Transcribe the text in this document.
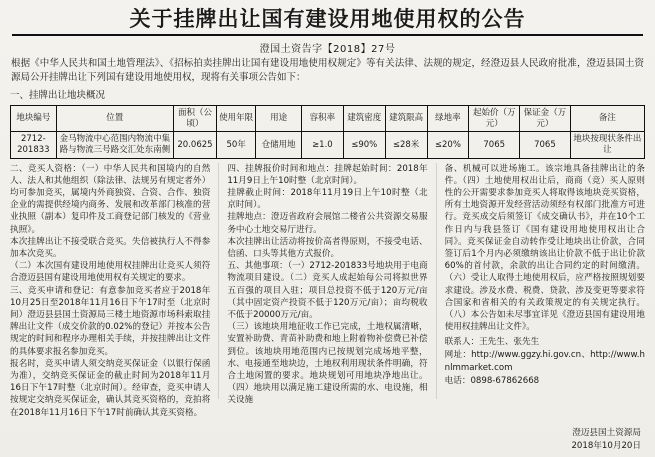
关于挂牌出让国有建设用地使用权的公告
澄国土资告字【2018】27号
根据《中华人民共和国土地管理法》、《招标拍卖挂牌出让国有建设用地使用权规定》等有关法律、法规的规定，经澄迈县人民政府批准，澄迈县国土资源局公开挂牌出让下列国有建设用地使用权，现将有关事项公告如下：
一、挂牌出让地块概况
地块编号	位置	面积（公顷）	使用年限	用途	容积率	建筑密度	建筑限高	绿地率	起始价（万元）	保证金（万元）	备注
2712-201833	金马物流中心范围内物流中集路与物流三号路交汇处东南侧	20.0625	50年	仓储用地	≥1.0	≤90%	≤28米	≤20%	7065	7065	地块按现状条件出让

二、竞买人资格：（一）中华人民共和国境内的自然人、法人和其他组织（除法律、法规另有规定者外）均可参加竞买，属境内外商独资、合资、合作、独资企业的需提供经境内商务、发展和改革部门核准的营业执照（副本）复印件及工商登记部门核发的《营业执照》。

本次挂牌出让不接受联合竞买。失信被执行人不得参加本次竞买。

（二）本次国有建设用地使用权挂牌出让竞买人须符合澄迈县国有建设用地使用权有关规定的要求。

三、竞买申请和登记：有意参加竞买者应于2018年10月25日至2018年11月16日下午17时至（北京时间）澄迈县县国土资源局三楼土地资源市场科索取挂牌出让文件（成交价款的0.02%的登记）并按本公告规定的时间和程序办理相关手续，并按挂牌出让文件的具体要求报名参加竞买。

报名时，竞买申请人须交纳竞买保证金（以银行保函为准），交纳竞买保证金的截止时间为2018年11月16日下午17时整（北京时间）。经审查，竞买申请人按规定交纳竞买保证金，确认其竞买资格的，竞拍将在2018年11月16日下午17时前确认其竞买资格。

四、挂牌报价时间和地点：挂牌起始时间：2018年11月9日上午10时整（北京时间）。

挂牌截止时间：2018年11月19日上午10时整（北京时间）。

挂牌地点：澄迈省政府会展馆二楼省公共资源交易服务中心土地交易厅进行。

本次挂牌出让活动将按价高者得原则，不接受电话、信函、口头等其他方式报价。

五、其他事项：（一）2712-201833号地块用于电商物流项目建设。（二）竞买人成起始每公司将拟世界五百强的项目入驻；项目总投资不低于120万元/亩（其中固定资产投资不低于120万元/亩）；亩均税收不低于20000万元/亩。

（三）该地块用地征收工作已完成，土地权属清晰，安置补助费、青苗补助费和地上附着物补偿费已补偿到位。该地块用地范围内已按规划完成场地平整，水、电接通至地块边，土地权利用现状条件明确，符合土地闲置的要求。地块规划可用地块净地出让。（四）地块用以满足施工建设所需的水、电设施，相关设施

备、机械可以进场施工。该宗地具备挂牌出让的条件。（四）土地使用权出让后，商商（竞）买人原则性的公开需要求参加竞买人将取得该地块竞买资格，所有土地资源开发经营活动须经有权部门批准方可进行。竞买成交后须签订《成交确认书》，并在10个工作日内与我县签订《国有建设用地使用权出让合同》。竞买保证金自动转作受让地块出让价款，合同签订后1个月内必须缴纳该出让价款不低于出让价款60%的首付款，余款的出让合同约定的时间缴清。（六）受让人取得土地使用权后，应严格按照规划要求建设。涉及水费、税费、贷款、涉及变更等要求符合国家和省相关的有关政策规定的有关规定执行。（八）本公告如未尽事宜详见《澄迈县国有建设用地使用权挂牌出让文件》。

联系人：王先生、张先生

网址：http://www.ggzy.hi.gov.cn、http://www.hnlmmarket.com

电话：0898-67862668

澄迈县国土资源局
2018年10月20日
